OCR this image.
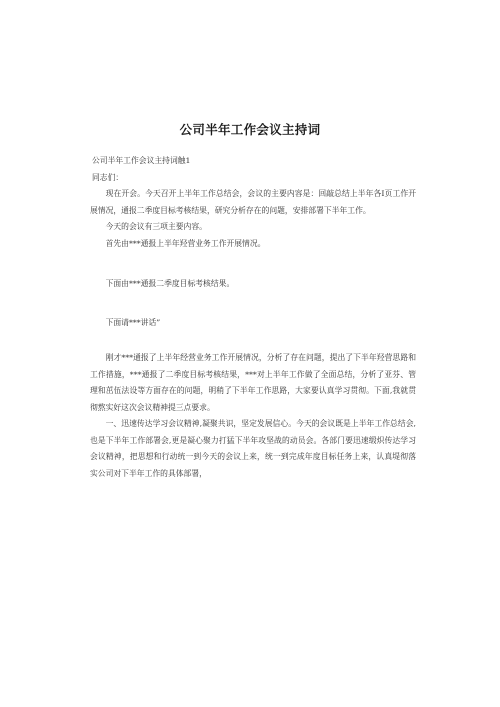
公司半年工作会议主持词

公司半年工作会议主持词触1

同志们：

现在开会。今天召开上半年工作总结会，会议的主要内容是：回敲总结上半年各I页工作开展情况，通报二季度目标考核结果，研究分析存在的问题，安排部署下半年工作。

今天的会议有三项主要内容。

首先由***通报上半年羟营业务工作开展情况。

下面由***通报二季度目标考核结果。

下面请***讲话”

刚才***通报了上半年经营业务工作开展情况，分析了存在问题，提出了下半年羟营思路和工作措施，***通报了二季度目标考核结果，***对上半年工作做了全面总结，分析了亚芬、管理和茁伍法设等方面存在的问题，明稍了下半年工作思路，大家要认真学习贯彻。下面,我就贯彻熬实好这次会议精神提三点要求。

一、迅速传达学习会议精神,凝聚共识，坚定发展信心。今天的会议既是上半年工作总结会,也是下半年工作部署会,更是凝心聚力打猛下半年攻坚战的动员会。各部门要迅速缎炽传达学习会议精神，把思想和行动统一到今天的会议上来，统一到完成年度目标任务上来，认真堤彻落实公司对下半年工作的具体部署，
